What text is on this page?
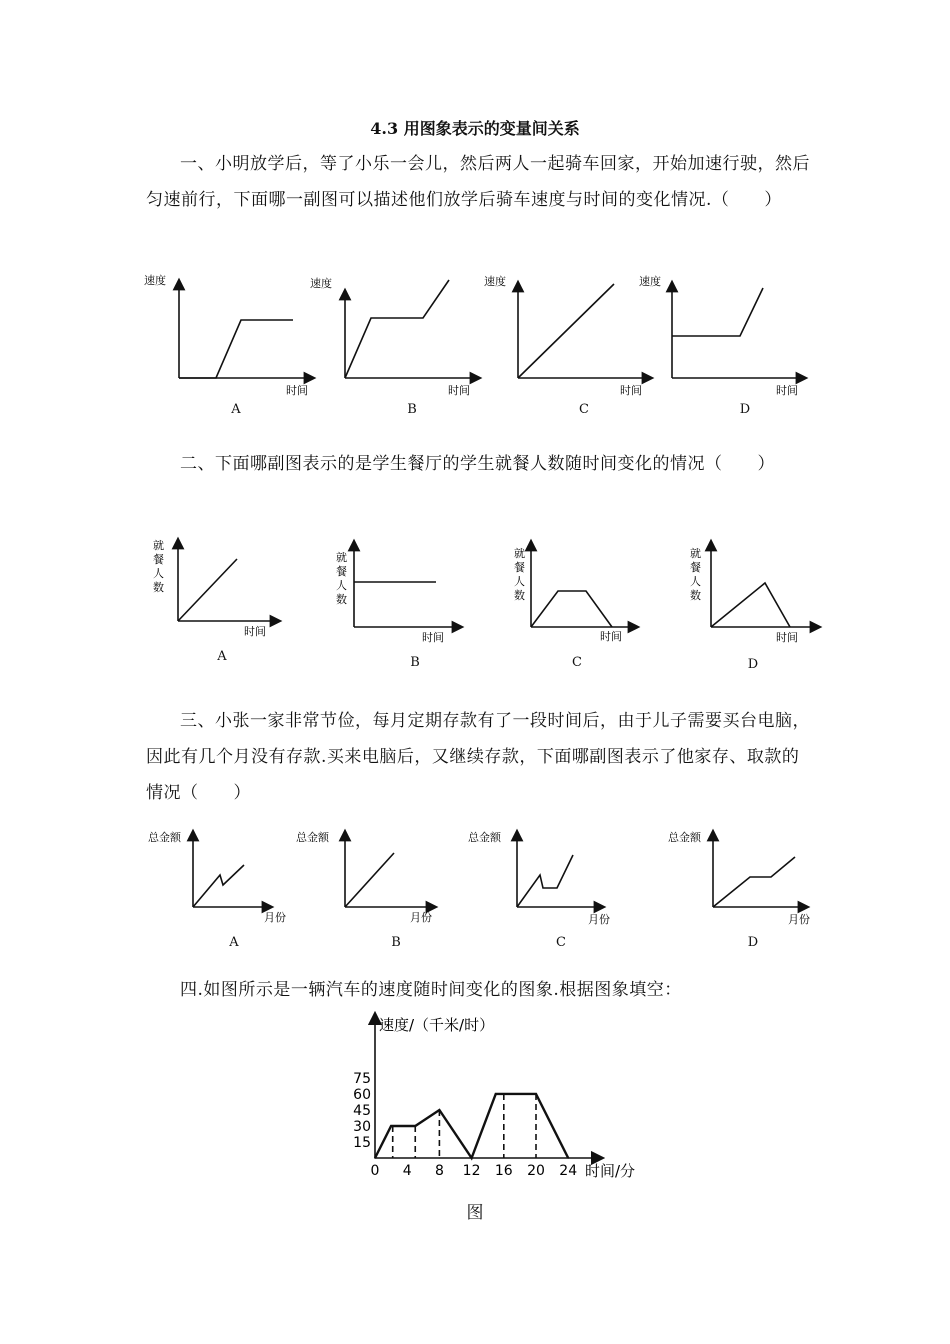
4.3 用图象表示的变量间关系
一、小明放学后，等了小乐一会儿，然后两人一起骑车回家，开始加速行驶，然后匀速前行，下面哪一副图可以描述他们放学后骑车速度与时间的变化情况.（　　）
速度
时间
速度
时间
速度
时间
速度
时间
A	B	C	D
二、下面哪副图表示的是学生餐厅的学生就餐人数随时间变化的情况（　　）
就餐人数
时间
就餐人数
时间
就餐人数
时间
就餐人数
时间
A	B	C	D
三、小张一家非常节俭，每月定期存款有了一段时间后，由于儿子需要买台电脑，因此有几个月没有存款.买来电脑后，又继续存款，下面哪副图表示了他家存、取款的情况（　　）
总金额
月份
总金额
月份
总金额
月份
总金额
月份
A	B	C	D
四.如图所示是一辆汽车的速度随时间变化的图象.根据图象填空：
速度/（千米/时）
时间/分
15
30
45
60
75
0 4 8 12 16 20 24
图
